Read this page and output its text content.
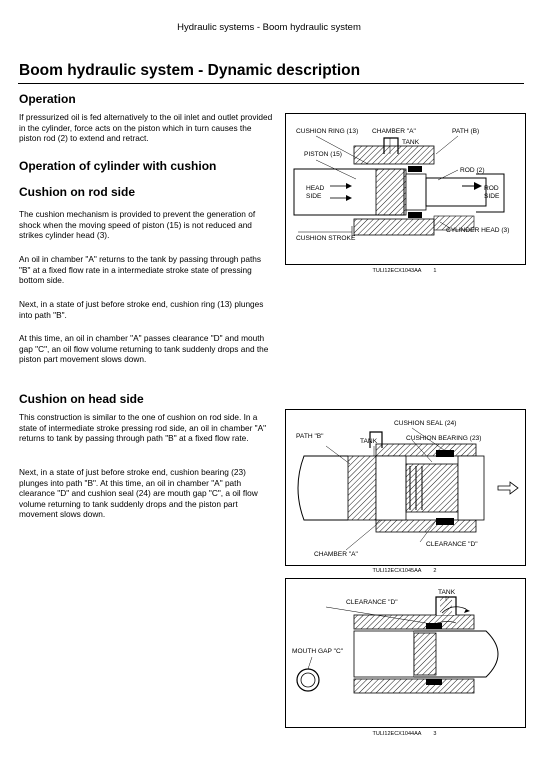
Hydraulic systems - Boom hydraulic system
Boom hydraulic system - Dynamic description
Operation

If pressurized oil is fed alternatively to the oil inlet and outlet provided in the cylinder, force acts on the piston which in turn causes the piston rod (2) to extend and retract.

Operation of cylinder with cushion
Cushion on rod side

The cushion mechanism is provided to prevent the generation of shock when the moving speed of piston (15) is not reduced and strikes cylinder head (3).

An oil in chamber "A" returns to the tank by passing through paths "B" at a fixed flow rate in a intermediate stroke state of pressing bottom side.

Next, in a state of just before stroke end, cushion ring (13) plunges into path "B".

At this time, an oil in chamber "A" passes clearance "D" and mouth gap "C", an oil flow volume returning to tank suddenly drops and the piston part movement slows down.

Cushion on head side

This construction is similar to the one of cushion on rod side. In a state of intermediate stroke pressing rod side, an oil in chamber "A" returns to tank by passing through path "B" at a fixed flow rate.

Next, in a state of just before stroke end, cushion bearing (23) plunges into path "B". At this time, an oil in chamber "A" path clearance "D" and cushion seal (24) are mouth gap "C", a oil flow volume returning to tank suddenly drops and the piston part movement slows down.

CUSHION RING (13) CHAMBER "A"	PATH (B)
TANK
PISTON (15)
ROD (2)
HEAD
SIDE
ROD
SIDE
CUSHION STROKE
CYLINDER HEAD (3)
TULI12ECX1043AA 1
PATH "B"
TANK
CUSHION SEAL (24)
CUSHION BEARING (23)
CLEARANCE "D"
CHAMBER "A"
TULI12ECX1045AA 2
TANK
CLEARANCE "D"
MOUTH GAP "C"
TULI12ECX1044AA 3
